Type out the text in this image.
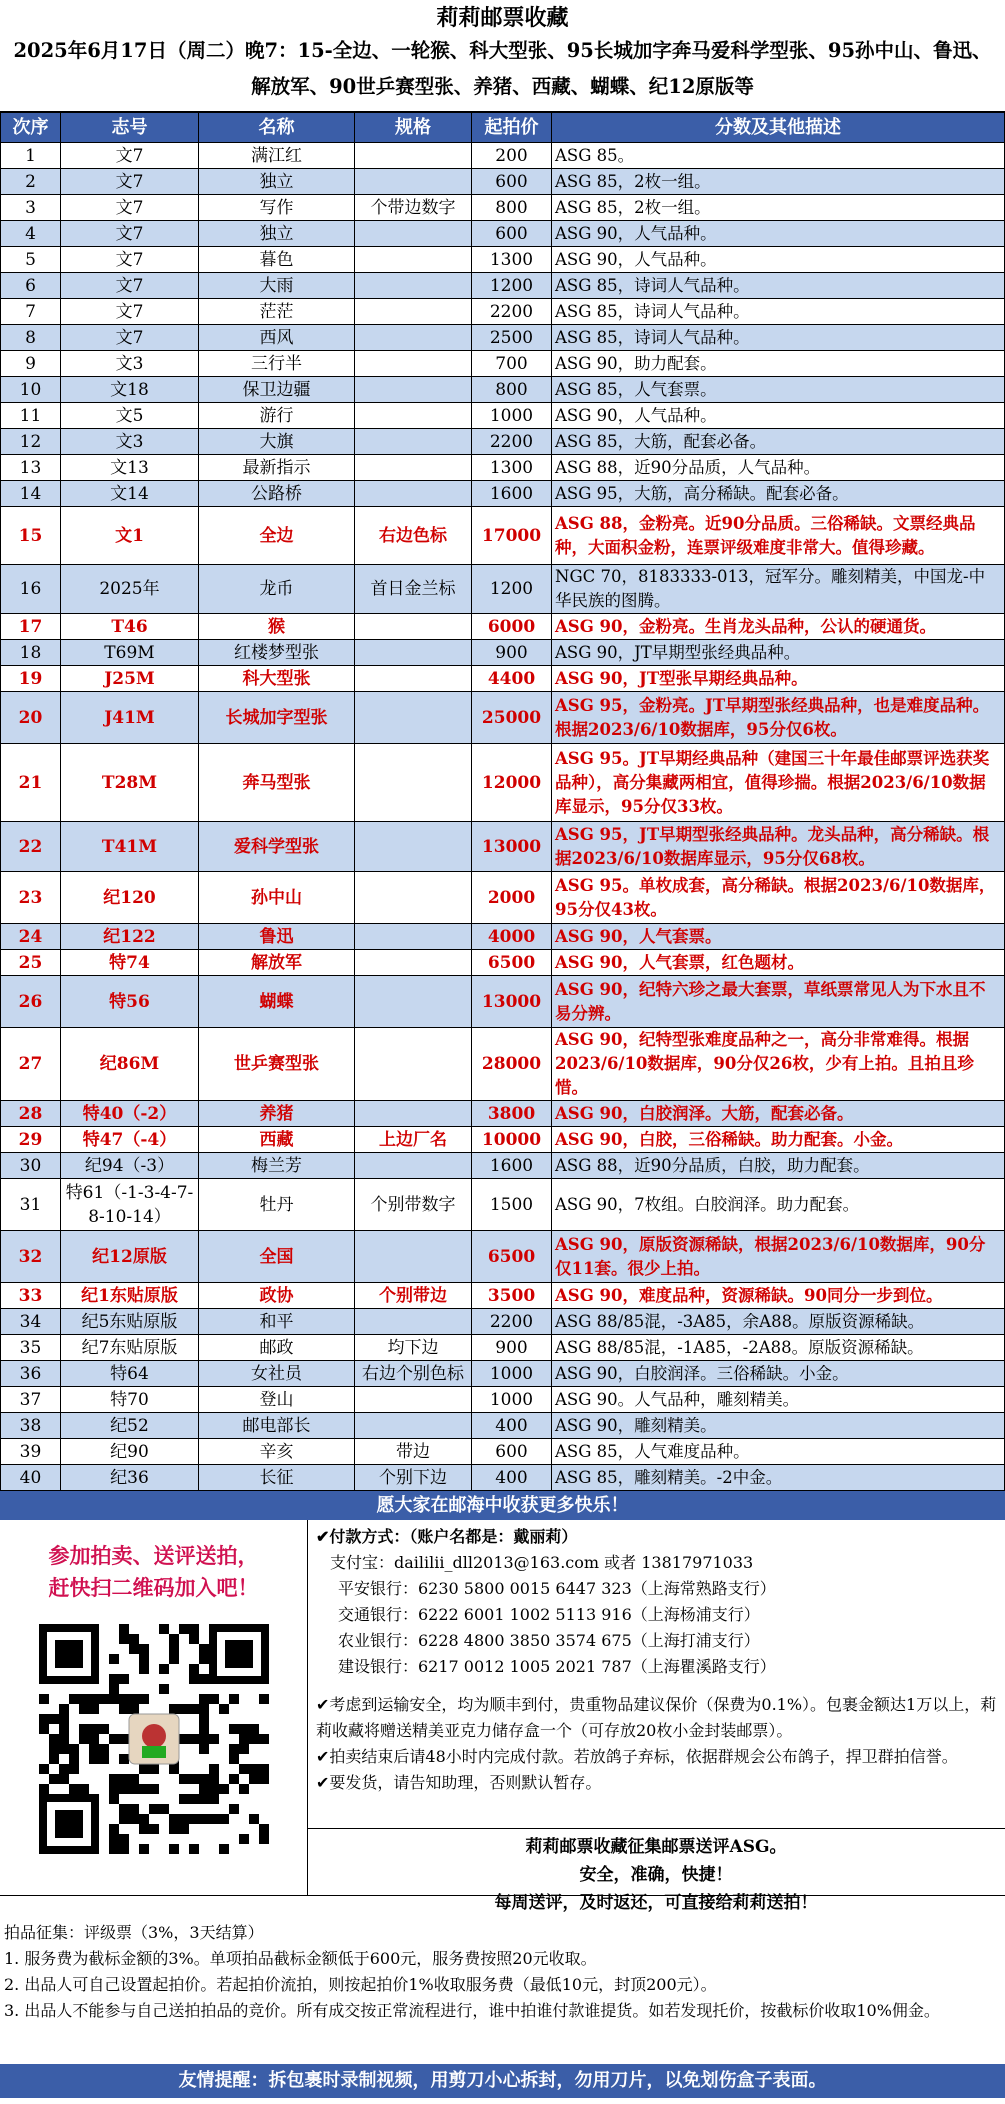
莉莉邮票收藏
2025年6月17日（周二）晚7：15-全边、一轮猴、科大型张、95长城加字奔马爱科学型张、95孙中山、鲁迅、解放军、90世乒赛型张、养猪、西藏、蝴蝶、纪12原版等
次序	志号	名称	规格	起拍价	分数及其他描述
1	文7	满江红		200	ASG 85。
2	文7	独立		600	ASG 85，2枚一组。
3	文7	写作	个带边数字	800	ASG 85，2枚一组。
4	文7	独立		600	ASG 90，人气品种。
5	文7	暮色		1300	ASG 90，人气品种。
6	文7	大雨		1200	ASG 85，诗词人气品种。
7	文7	茫茫		2200	ASG 85，诗词人气品种。
8	文7	西风		2500	ASG 85，诗词人气品种。
9	文3	三行半		700	ASG 90，助力配套。
10	文18	保卫边疆		800	ASG 85，人气套票。
11	文5	游行		1000	ASG 90，人气品种。
12	文3	大旗		2200	ASG 85，大筋，配套必备。
13	文13	最新指示		1300	ASG 88，近90分品质，人气品种。
14	文14	公路桥		1600	ASG 95，大筋，高分稀缺。配套必备。
15	文1	全边	右边色标	17000	ASG 88，金粉亮。近90分品质。三俗稀缺。文票经典品种，大面积金粉，连票评级难度非常大。值得珍藏。
16	2025年	龙币	首日金兰标	1200	NGC 70，8183333-013，冠军分。雕刻精美，中国龙-中华民族的图腾。
17	T46	猴		6000	ASG 90，金粉亮。生肖龙头品种，公认的硬通货。
18	T69M	红楼梦型张		900	ASG 90，JT早期型张经典品种。
19	J25M	科大型张		4400	ASG 90，JT型张早期经典品种。
20	J41M	长城加字型张		25000	ASG 95，金粉亮。JT早期型张经典品种，也是难度品种。根据2023/6/10数据库，95分仅6枚。
21	T28M	奔马型张		12000	ASG 95。JT早期经典品种（建国三十年最佳邮票评选获奖品种），高分集藏两相宜，值得珍揣。根据2023/6/10数据库显示，95分仅33枚。
22	T41M	爱科学型张		13000	ASG 95，JT早期型张经典品种。龙头品种，高分稀缺。根据2023/6/10数据库显示，95分仅68枚。
23	纪120	孙中山		2000	ASG 95。单枚成套，高分稀缺。根据2023/6/10数据库，95分仅43枚。
24	纪122	鲁迅		4000	ASG 90，人气套票。
25	特74	解放军		6500	ASG 90，人气套票，红色题材。
26	特56	蝴蝶		13000	ASG 90，纪特六珍之最大套票，草纸票常见人为下水且不易分辨。
27	纪86M	世乒赛型张		28000	ASG 90，纪特型张难度品种之一，高分非常难得。根据2023/6/10数据库，90分仅26枚，少有上拍。且拍且珍惜。
28	特40（-2）	养猪		3800	ASG 90，白胶润泽。大筋，配套必备。
29	特47（-4）	西藏	上边厂名	10000	ASG 90，白胶，三俗稀缺。助力配套。小金。
30	纪94（-3）	梅兰芳		1600	ASG 88，近90分品质，白胶，助力配套。
31	特61（-1-3-4-7-8-10-14）	牡丹	个别带数字	1500	ASG 90，7枚组。白胶润泽。助力配套。
32	纪12原版	全国		6500	ASG 90，原版资源稀缺，根据2023/6/10数据库，90分仅11套。很少上拍。
33	纪1东贴原版	政协	个别带边	3500	ASG 90，难度品种，资源稀缺。90同分一步到位。
34	纪5东贴原版	和平		2200	ASG 88/85混，-3A85，余A88。原版资源稀缺。
35	纪7东贴原版	邮政	均下边	900	ASG 88/85混，-1A85，-2A88。原版资源稀缺。
36	特64	女社员	右边个别色标	1000	ASG 90，白胶润泽。三俗稀缺。小金。
37	特70	登山		1000	ASG 90。人气品种，雕刻精美。
38	纪52	邮电部长		400	ASG 90，雕刻精美。
39	纪90	辛亥	带边	600	ASG 85，人气难度品种。
40	纪36	长征	个别下边	400	ASG 85，雕刻精美。-2中金。
愿大家在邮海中收获更多快乐！
参加拍卖、送评送拍，
赶快扫二维码加入吧！
✔付款方式：（账户名都是：戴丽莉）
支付宝：daililii_dll2013@163.com 或者 13817971033
平安银行：6230 5800 0015 6447 323（上海常熟路支行）
交通银行：6222 6001 1002 5113 916（上海杨浦支行）
农业银行：6228 4800 3850 3574 675（上海打浦支行）
建设银行：6217 0012 1005 2021 787（上海瞿溪路支行）
✔考虑到运输安全，均为顺丰到付，贵重物品建议保价（保费为0.1%）。包裹金额达1万以上，莉莉收藏将赠送精美亚克力储存盒一个（可存放20枚小金封装邮票）。
✔拍卖结束后请48小时内完成付款。若放鸽子弃标，依据群规会公布鸽子，捍卫群拍信誉。
✔要发货，请告知助理，否则默认暂存。
莉莉邮票收藏征集邮票送评ASG。
安全，准确，快捷！
每周送评，及时返还，可直接给莉莉送拍！
拍品征集：评级票（3%，3天结算）
1. 服务费为截标金额的3%。单项拍品截标金额低于600元，服务费按照20元收取。
2. 出品人可自己设置起拍价。若起拍价流拍，则按起拍价1%收取服务费（最低10元，封顶200元）。
3. 出品人不能参与自己送拍拍品的竞价。所有成交按正常流程进行，谁中拍谁付款谁提货。如若发现托价，按截标价收取10%佣金。
友情提醒：拆包裹时录制视频，用剪刀小心拆封，勿用刀片，以免划伤盒子表面。
